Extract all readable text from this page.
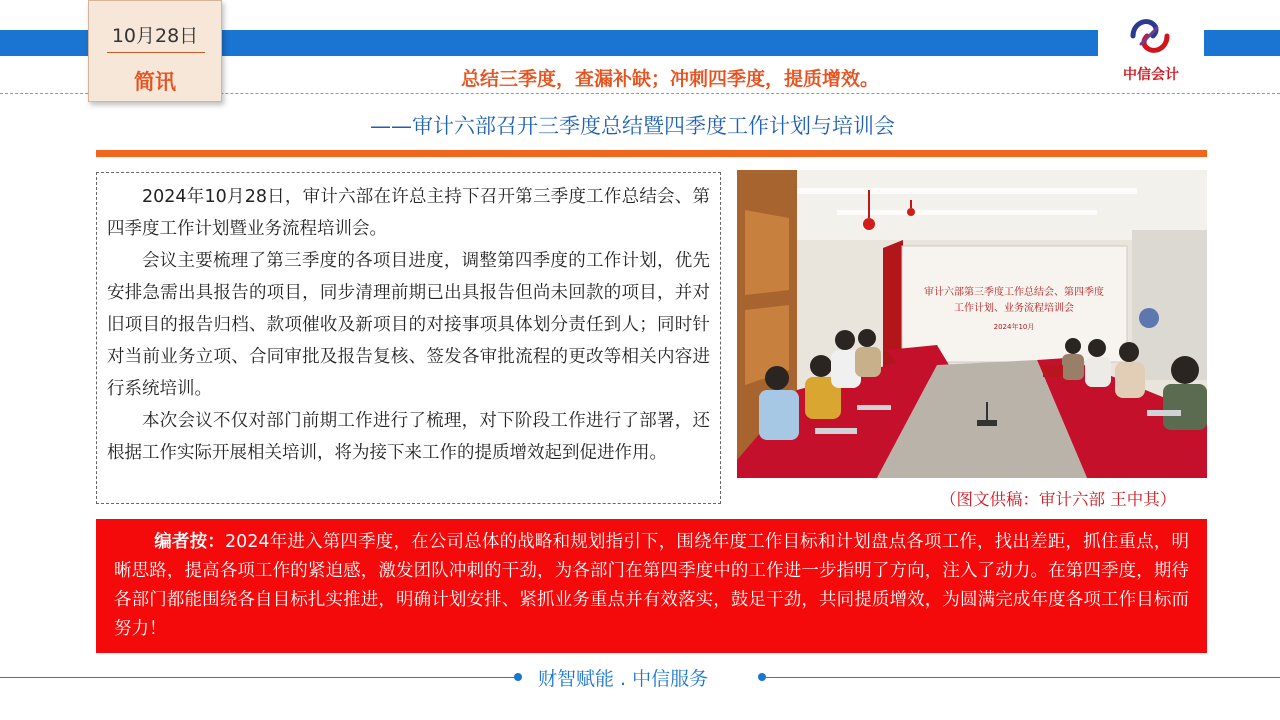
10月28日
简讯	中信会计
总结三季度，查漏补缺；冲刺四季度，提质增效。
——审计六部召开三季度总结暨四季度工作计划与培训会

2024年10月28日，审计六部在许总主持下召开第三季度工作总结会、第四季度工作计划暨业务流程培训会。

会议主要梳理了第三季度的各项目进度，调整第四季度的工作计划，优先安排急需出具报告的项目，同步清理前期已出具报告但尚未回款的项目，并对旧项目的报告归档、款项催收及新项目的对接事项具体划分责任到人；同时针对当前业务立项、合同审批及报告复核、签发各审批流程的更改等相关内容进行系统培训。

本次会议不仅对部门前期工作进行了梳理，对下阶段工作进行了部署，还根据工作实际开展相关培训，将为接下来工作的提质增效起到促进作用。

审计六部第三季度工作总结会、第四季度
工作计划、业务流程培训会
2024年10月
（图文供稿：审计六部 王中其）

编者按：2024年进入第四季度，在公司总体的战略和规划指引下，围绕年度工作目标和计划盘点各项工作，找出差距，抓住重点，明晰思路，提高各项工作的紧迫感，激发团队冲刺的干劲，为各部门在第四季度中的工作进一步指明了方向，注入了动力。在第四季度，期待各部门都能围绕各自目标扎实推进，明确计划安排、紧抓业务重点并有效落实，鼓足干劲，共同提质增效，为圆满完成年度各项工作目标而努力！

财智赋能 . 中信服务
